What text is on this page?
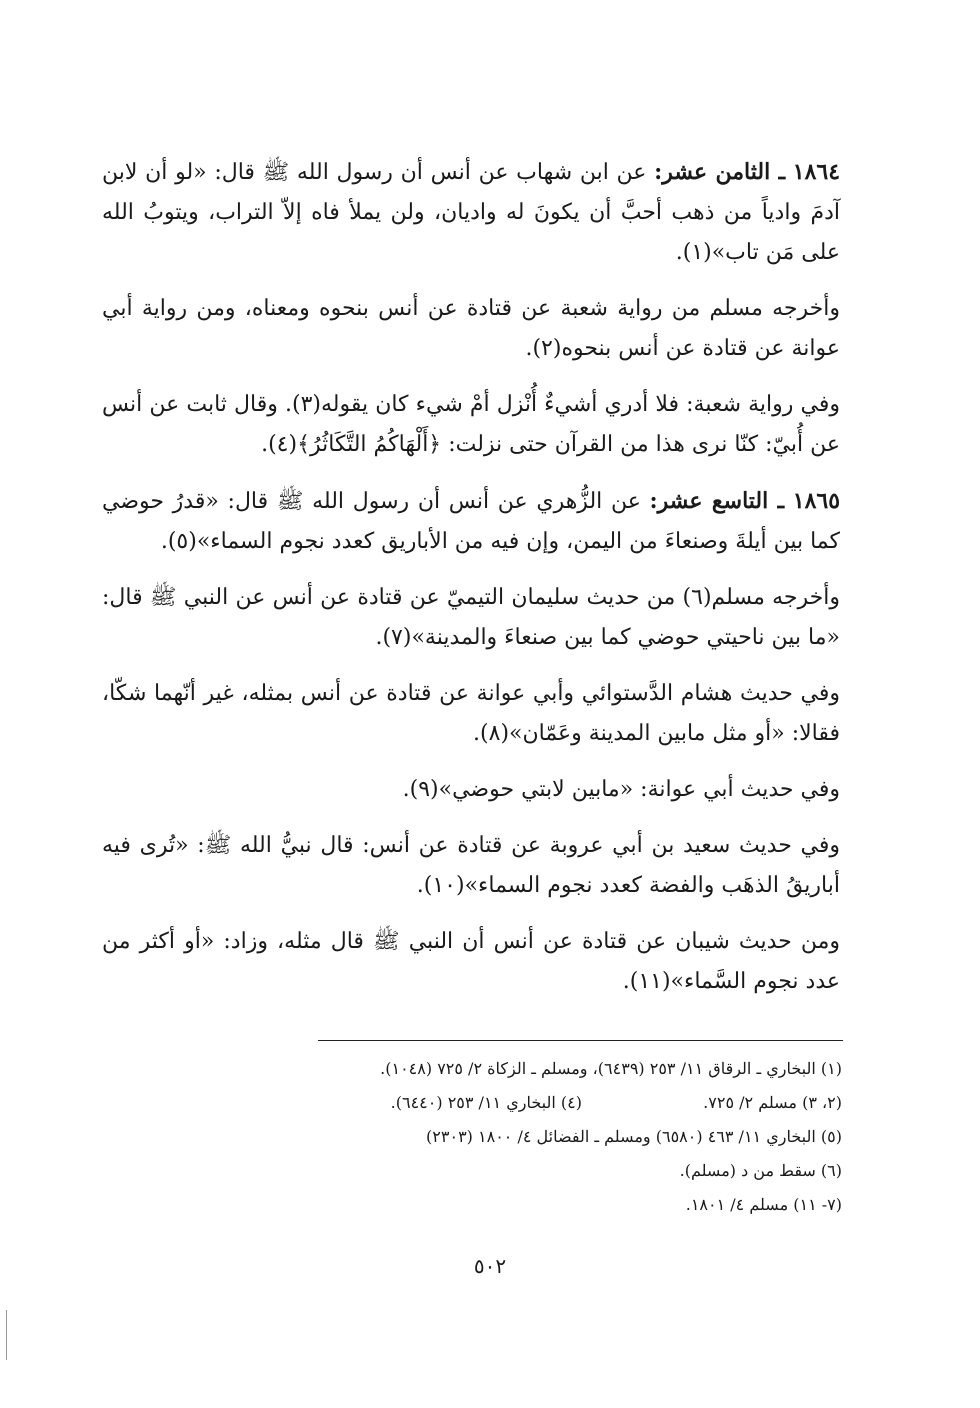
١٨٦٤ ـ الثامن عشر: عن ابن شهاب عن أنس أن رسول الله ﷺ قال: «لو أن لابن آدمَ وادياً من ذهب أحبَّ أن يكونَ له واديان، ولن يملأ فاه إلاّ التراب، ويتوبُ الله على مَن تاب»(١).

وأخرجه مسلم من رواية شعبة عن قتادة عن أنس بنحوه ومعناه، ومن رواية أبي عوانة عن قتادة عن أنس بنحوه(٢).

وفي رواية شعبة: فلا أدري أشيءٌ أُنْزل أمْ شيء كان يقوله(٣). وقال ثابت عن أنس عن أُبيّ: كنّا نرى هذا من القرآن حتى نزلت: ﴿أَلْهَاكُمُ التَّكَاثُرُ﴾(٤).

١٨٦٥ ـ التاسع عشر: عن الزُّهري عن أنس أن رسول الله ﷺ قال: «قدرُ حوضي كما بين أيلةَ وصنعاءَ من اليمن، وإن فيه من الأباريق كعدد نجوم السماء»(٥).

وأخرجه مسلم(٦) من حديث سليمان التيميّ عن قتادة عن أنس عن النبي ﷺ قال: «ما بين ناحيتي حوضي كما بين صنعاءَ والمدينة»(٧).

وفي حديث هشام الدَّستوائي وأبي عوانة عن قتادة عن أنس بمثله، غير أنّهما شكّا، فقالا: «أو مثل مابين المدينة وعَمّان»(٨).

وفي حديث أبي عوانة: «مابين لابتي حوضي»(٩).

وفي حديث سعيد بن أبي عروبة عن قتادة عن أنس: قال نبيُّ الله ﷺ: «تُرى فيه أباريقُ الذهَب والفضة كعدد نجوم السماء»(١٠).

ومن حديث شيبان عن قتادة عن أنس أن النبي ﷺ قال مثله، وزاد: «أو أكثر من عدد نجوم السَّماء»(١١).

(١) البخاري ـ الرقاق ١١/ ٢٥٣ (٦٤٣٩)، ومسلم ـ الزكاة ٢/ ٧٢٥ (١٠٤٨).
(٢، ٣) مسلم ٢/ ٧٢٥.
(٤) البخاري ١١/ ٢٥٣ (٦٤٤٠).
(٥) البخاري ١١/ ٤٦٣ (٦٥٨٠) ومسلم ـ الفضائل ٤/ ١٨٠٠ (٢٣٠٣)
(٦) سقط من د (مسلم).
(٧- ١١) مسلم ٤/ ١٨٠١.
٥٠٢
